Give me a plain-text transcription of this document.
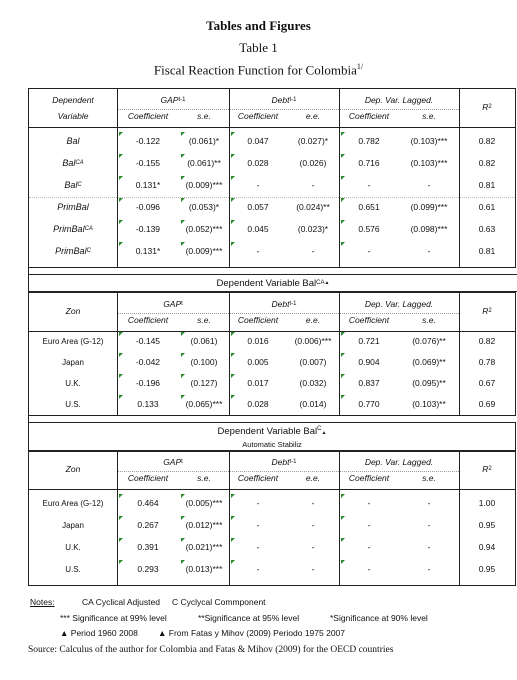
Tables and Figures
Table 1
Fiscal Reaction Function for Colombia$^{1/}$
Dependent
Variable
GAP t-1	Debt t-1	Dep. Var. Lagged.
R 2
Coefficient	s.e.	Coefficient	e.e.	Coefficient	s.e.
Bal	-0.122	(0.061)*	0.047	(0.027)*	0.782	(0.103)***	0.82
Bal CA	-0.155	(0.061)**	0.028	(0.026)	0.716	(0.103)***	0.82
Bal C	0.131*	(0.009)***	-	-	-	-	0.81
PrimBal	-0.096	(0.053)*	0.057	(0.024)**	0.651	(0.099)***	0.61
PrimBal CA	-0.139	(0.052)***	0.045	(0.023)*	0.576	(0.098)***	0.63
PrimBal C	0.131*	(0.009)***	-	-	-	-	0.81
Dependent Variable Bal CA ▲
Zon
GAP t	Debt t-1	Dep. Var. Lagged.
R 2
Coefficient	s.e.	Coefficient	e.e.	Coefficient	s.e.
Euro Area (G-12)	-0.145	(0.061)	0.016	(0.006)***	0.721	(0.076)**	0.82
Japan	-0.042	(0.100)	0.005	(0.007)	0.904	(0.069)**	0.78
U.K.	-0.196	(0.127)	0.017	(0.032)	0.837	(0.095)**	0.67
U.S.	0.133	(0.065)***	0.028	(0.014)	0.770	(0.103)**	0.69
Dependent Variable Bal$^C$▲
Automatic Stabiliz
Zon
GAP t	Debt t-1	Dep. Var. Lagged.
R 2
Coefficient	s.e.	Coefficient	e.e.	Coefficient	s.e.
Euro Area (G-12)	0.464	(0.005)***	-	-	-	-	1.00
Japan	0.267	(0.012)***	-	-	-	-	0.95
U.K.	0.391	(0.021)***	-	-	-	-	0.94
U.S.	0.293	(0.013)***	-	-	-	-	0.95
Notes:	CA Cyclical Adjusted C Cyclycal Commponent
*** Significance at 99% level	**Significance at 95% level	*Significance at 90% level
▲ Period 1960 2008 ▲ From Fatas y Mihov (2009) Periodo 1975 2007
Source: Calculus of the author for Colombia and Fatas & Mihov (2009) for the OECD countries
